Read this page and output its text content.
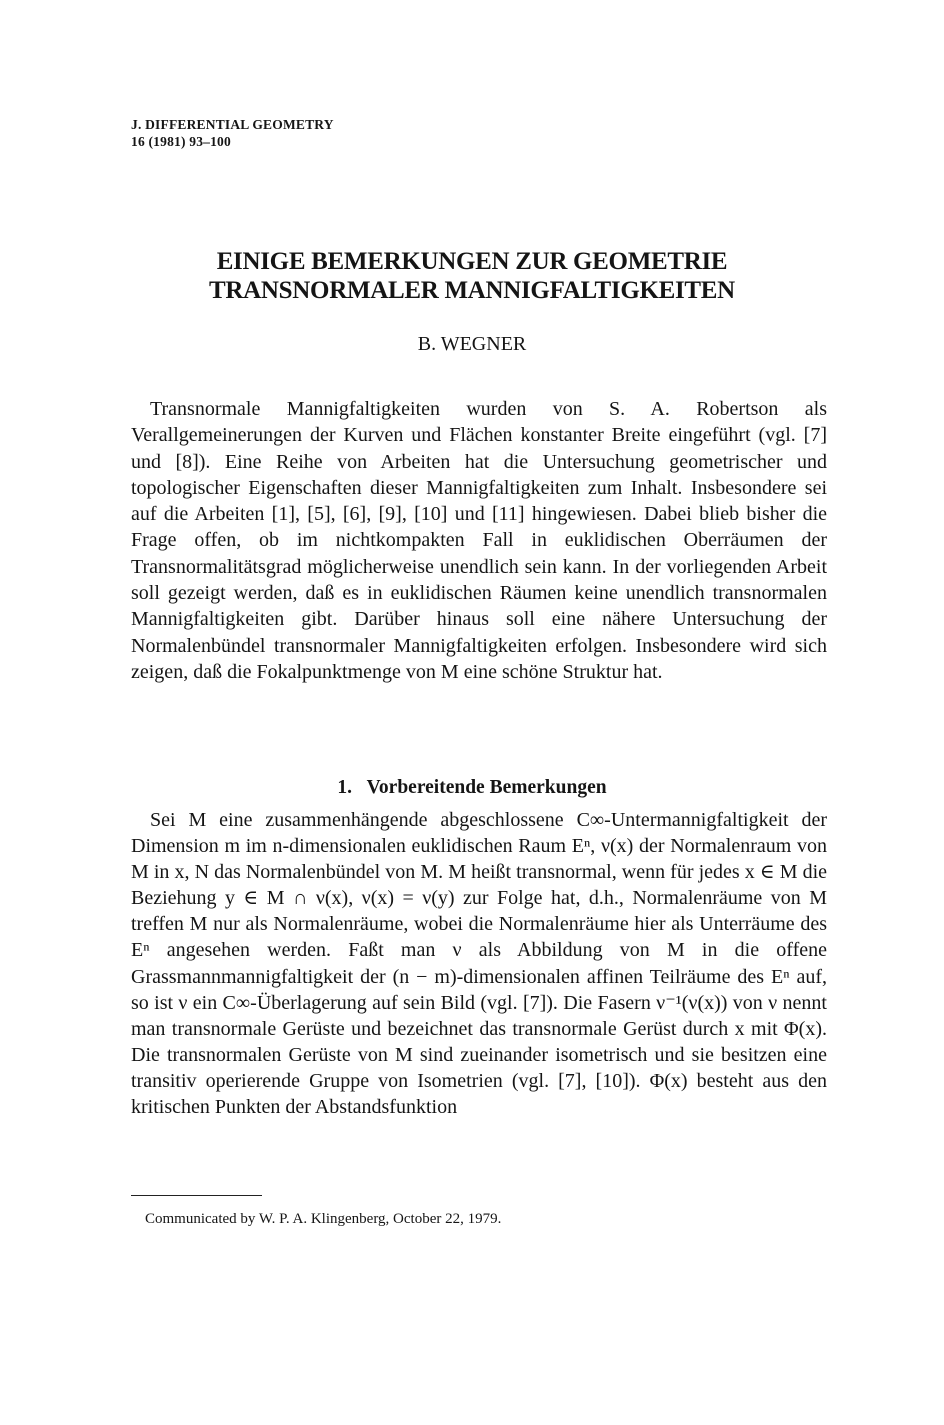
J. DIFFERENTIAL GEOMETRY
16 (1981) 93–100
EINIGE BEMERKUNGEN ZUR GEOMETRIE
TRANSNORMALER MANNIGFALTIGKEITEN
B. WEGNER

Transnormale Mannigfaltigkeiten wurden von S. A. Robertson als Verallgemeinerungen der Kurven und Flächen konstanter Breite eingeführt (vgl. [7] und [8]). Eine Reihe von Arbeiten hat die Untersuchung geometrischer und topologischer Eigenschaften dieser Mannigfaltigkeiten zum Inhalt. Insbesondere sei auf die Arbeiten [1], [5], [6], [9], [10] und [11] hingewiesen. Dabei blieb bisher die Frage offen, ob im nichtkompakten Fall in euklidischen Oberräumen der Transnormalitätsgrad möglicherweise unendlich sein kann. In der vorliegenden Arbeit soll gezeigt werden, daß es in euklidischen Räumen keine unendlich transnormalen Mannigfaltigkeiten gibt. Darüber hinaus soll eine nähere Untersuchung der Normalenbündel transnormaler Mannigfaltigkeiten erfolgen. Insbesondere wird sich zeigen, daß die Fokalpunktmenge von M eine schöne Struktur hat.

1. Vorbereitende Bemerkungen

Sei M eine zusammenhängende abgeschlossene C∞-Untermannigfaltigkeit der Dimension m im n-dimensionalen euklidischen Raum Eⁿ, ν(x) der Normalenraum von M in x, N das Normalenbündel von M. M heißt transnormal, wenn für jedes x ∈ M die Beziehung y ∈ M ∩ ν(x), ν(x) = ν(y) zur Folge hat, d.h., Normalenräume von M treffen M nur als Normalenräume, wobei die Normalenräume hier als Unterräume des Eⁿ angesehen werden. Faßt man ν als Abbildung von M in die offene Grassmannmannigfaltigkeit der (n − m)-dimensionalen affinen Teilräume des Eⁿ auf, so ist ν ein C∞-Überlagerung auf sein Bild (vgl. [7]). Die Fasern ν⁻¹(ν(x)) von ν nennt man transnormale Gerüste und bezeichnet das transnormale Gerüst durch x mit Φ(x). Die transnormalen Gerüste von M sind zueinander isometrisch und sie besitzen eine transitiv operierende Gruppe von Isometrien (vgl. [7], [10]). Φ(x) besteht aus den kritischen Punkten der Abstandsfunktion

Communicated by W. P. A. Klingenberg, October 22, 1979.
